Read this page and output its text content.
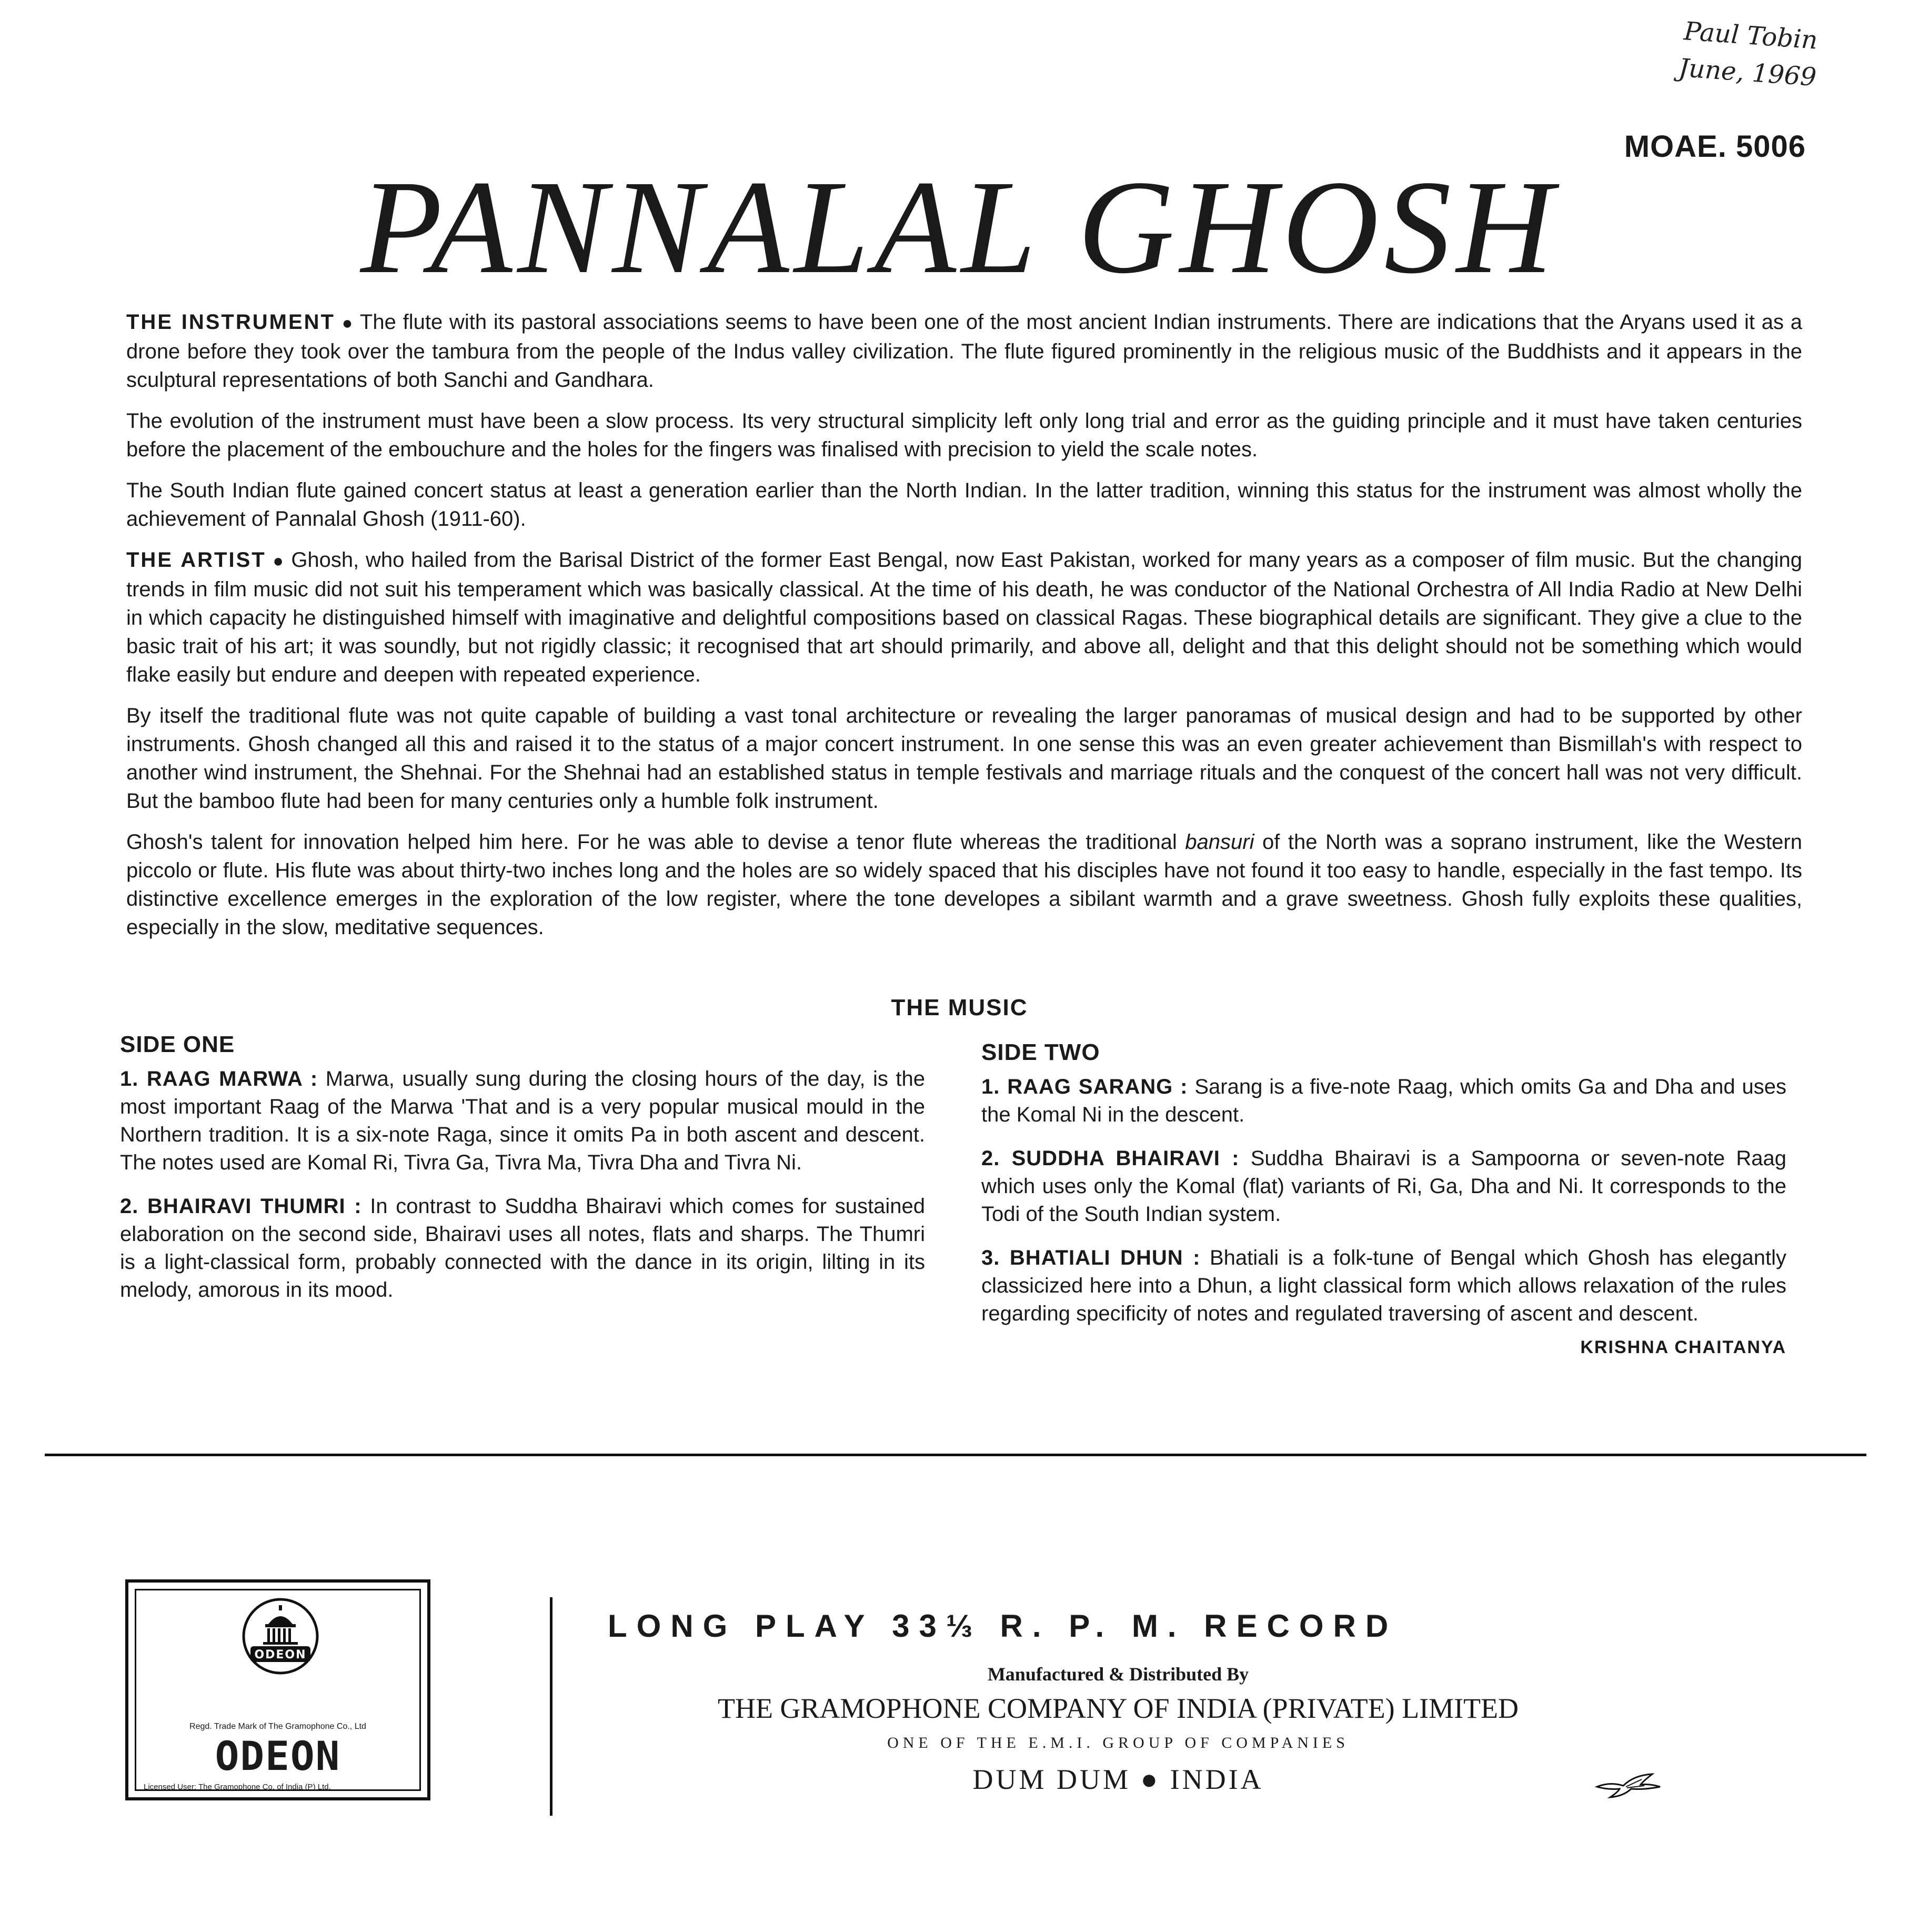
Paul Tobin
June, 1969
MOAE. 5006
PANNALAL GHOSH

THE INSTRUMENT ● The flute with its pastoral associations seems to have been one of the most ancient Indian instruments. There are indications that the Aryans used it as a drone before they took over the tambura from the people of the Indus valley civilization. The flute figured prominently in the religious music of the Buddhists and it appears in the sculptural representations of both Sanchi and Gandhara.

The evolution of the instrument must have been a slow process. Its very structural simplicity left only long trial and error as the guiding principle and it must have taken centuries before the placement of the embouchure and the holes for the fingers was finalised with precision to yield the scale notes.

The South Indian flute gained concert status at least a generation earlier than the North Indian. In the latter tradition, winning this status for the instrument was almost wholly the achievement of Pannalal Ghosh (1911-60).

THE ARTIST ● Ghosh, who hailed from the Barisal District of the former East Bengal, now East Pakistan, worked for many years as a composer of film music. But the changing trends in film music did not suit his temperament which was basically classical. At the time of his death, he was conductor of the National Orchestra of All India Radio at New Delhi in which capacity he distinguished himself with imaginative and delightful compositions based on classical Ragas. These biographical details are significant. They give a clue to the basic trait of his art; it was soundly, but not rigidly classic; it recognised that art should primarily, and above all, delight and that this delight should not be something which would flake easily but endure and deepen with repeated experience.

By itself the traditional flute was not quite capable of building a vast tonal architecture or revealing the larger panoramas of musical design and had to be supported by other instruments. Ghosh changed all this and raised it to the status of a major concert instrument. In one sense this was an even greater achievement than Bismillah's with respect to another wind instrument, the Shehnai. For the Shehnai had an established status in temple festivals and marriage rituals and the conquest of the concert hall was not very difficult. But the bamboo flute had been for many centuries only a humble folk instrument.

Ghosh's talent for innovation helped him here. For he was able to devise a tenor flute whereas the traditional bansuri of the North was a soprano instrument, like the Western piccolo or flute. His flute was about thirty-two inches long and the holes are so widely spaced that his disciples have not found it too easy to handle, especially in the fast tempo. Its distinctive excellence emerges in the exploration of the low register, where the tone developes a sibilant warmth and a grave sweetness. Ghosh fully exploits these qualities, especially in the slow, meditative sequences.

THE MUSIC
SIDE ONE

1. RAAG MARWA : Marwa, usually sung during the closing hours of the day, is the most important Raag of the Marwa 'That and is a very popular musical mould in the Northern tradition. It is a six-note Raga, since it omits Pa in both ascent and descent. The notes used are Komal Ri, Tivra Ga, Tivra Ma, Tivra Dha and Tivra Ni.

2. BHAIRAVI THUMRI : In contrast to Suddha Bhairavi which comes for sustained elaboration on the second side, Bhairavi uses all notes, flats and sharps. The Thumri is a light-classical form, probably connected with the dance in its origin, lilting in its melody, amorous in its mood.

SIDE TWO

1. RAAG SARANG : Sarang is a five-note Raag, which omits Ga and Dha and uses the Komal Ni in the descent.

2. SUDDHA BHAIRAVI : Suddha Bhairavi is a Sampoorna or seven-note Raag which uses only the Komal (flat) variants of Ri, Ga, Dha and Ni. It corresponds to the Todi of the South Indian system.

3. BHATIALI DHUN : Bhatiali is a folk-tune of Bengal which Ghosh has elegantly classicized here into a Dhun, a light classical form which allows relaxation of the rules regarding specificity of notes and regulated traversing of ascent and descent.

KRISHNA CHAITANYA
ODEON
Regd. Trade Mark of The Gramophone Co., Ltd
ODEON
Licensed User: The Gramophone Co. of India (P) Ltd.
LONG PLAY 33⅓ R. P. M. RECORD
Manufactured & Distributed By
THE GRAMOPHONE COMPANY OF INDIA (PRIVATE) LIMITED
ONE OF THE E.M.I. GROUP OF COMPANIES
DUM DUM ● INDIA
